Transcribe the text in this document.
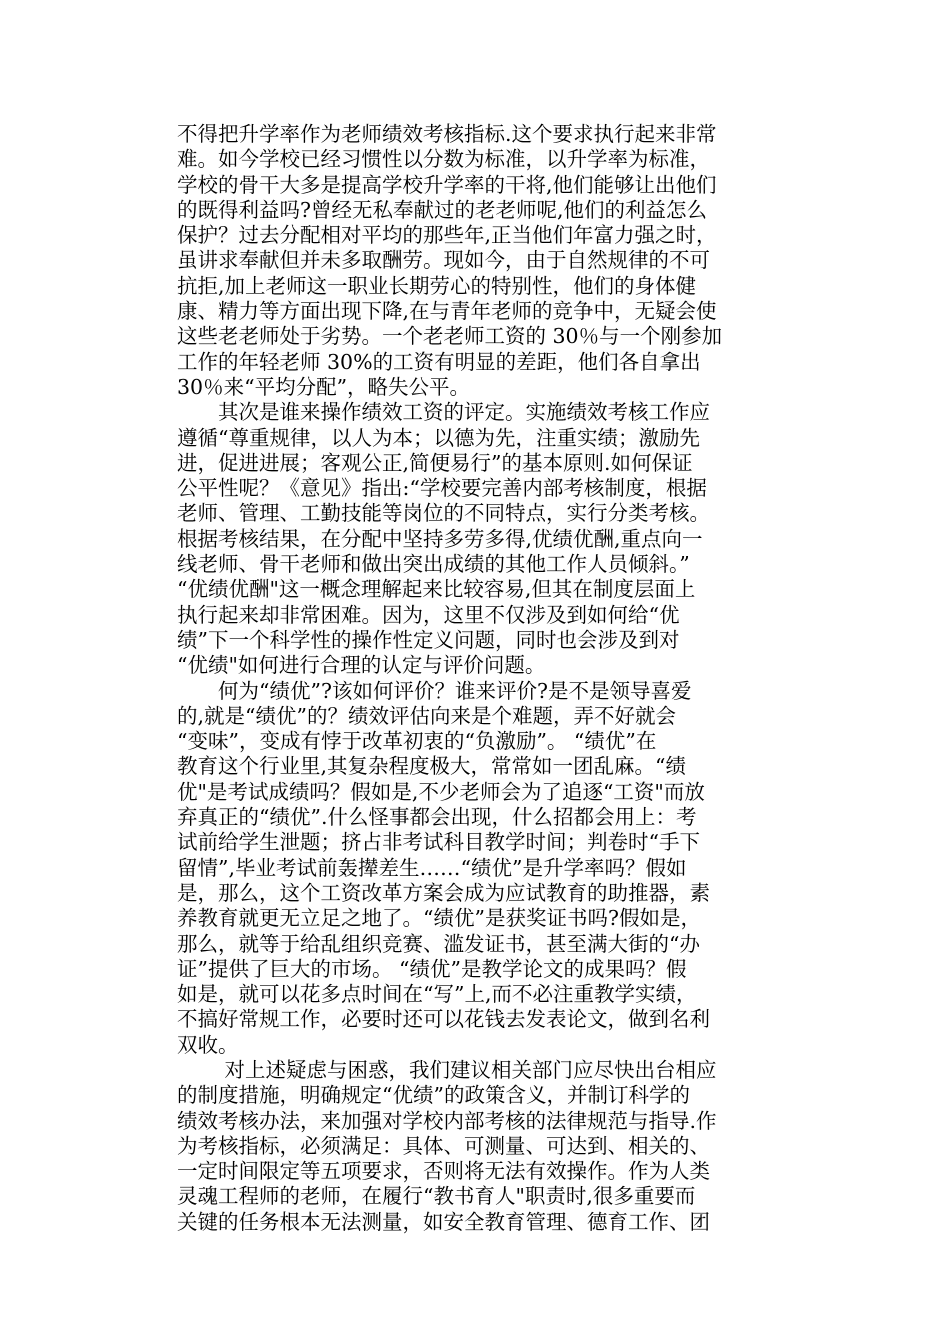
不得把升学率作为老师绩效考核指标.这个要求执行起来非常
难。如今学校已经习惯性以分数为标准，以升学率为标准，
学校的骨干大多是提高学校升学率的干将,他们能够让出他们
的既得利益吗?曾经无私奉献过的老老师呢,他们的利益怎么
保护？过去分配相对平均的那些年,正当他们年富力强之时，
虽讲求奉献但并未多取酬劳。现如今，由于自然规律的不可
抗拒,加上老师这一职业长期劳心的特别性，他们的身体健
康、精力等方面出现下降,在与青年老师的竞争中，无疑会使
这些老老师处于劣势。一个老老师工资的 30％与一个刚参加
工作的年轻老师 30%的工资有明显的差距，他们各自拿出
30％来“平均分配”，略失公平。
　　其次是谁来操作绩效工资的评定。实施绩效考核工作应
遵循“尊重规律，以人为本；以德为先，注重实绩；激励先
进，促进进展；客观公正,简便易行”的基本原则.如何保证
公平性呢？《意见》指出:“学校要完善内部考核制度，根据
老师、管理、工勤技能等岗位的不同特点，实行分类考核。
根据考核结果，在分配中坚持多劳多得,优绩优酬,重点向一
线老师、骨干老师和做出突出成绩的其他工作人员倾斜。”
“优绩优酬"这一概念理解起来比较容易,但其在制度层面上
执行起来却非常困难。因为，这里不仅涉及到如何给“优
绩”下一个科学性的操作性定义问题，同时也会涉及到对
“优绩"如何进行合理的认定与评价问题。
　　何为“绩优”?该如何评价？谁来评价?是不是领导喜爱
的,就是“绩优”的？绩效评估向来是个难题，弄不好就会
“变味”，变成有悖于改革初衷的“负激励”。 “绩优”在
教育这个行业里,其复杂程度极大，常常如一团乱麻。“绩
优"是考试成绩吗？假如是,不少老师会为了追逐“工资"而放
弃真正的“绩优”.什么怪事都会出现，什么招都会用上：考
试前给学生泄题；挤占非考试科目教学时间；判卷时“手下
留情”,毕业考试前轰撵差生……“绩优”是升学率吗？假如
是，那么，这个工资改革方案会成为应试教育的助推器，素
养教育就更无立足之地了。“绩优”是获奖证书吗?假如是，
那么，就等于给乱组织竞赛、滥发证书，甚至满大街的“办
证”提供了巨大的市场。 “绩优”是教学论文的成果吗？假
如是，就可以花多点时间在“写”上,而不必注重教学实绩，
不搞好常规工作，必要时还可以花钱去发表论文，做到名利
双收。
　　 对上述疑虑与困惑，我们建议相关部门应尽快出台相应
的制度措施，明确规定“优绩”的政策含义，并制订科学的
绩效考核办法，来加强对学校内部考核的法律规范与指导.作
为考核指标，必须满足：具体、可测量、可达到、相关的、
一定时间限定等五项要求，否则将无法有效操作。作为人类
灵魂工程师的老师，在履行“教书育人"职责时,很多重要而
关键的任务根本无法测量，如安全教育管理、德育工作、团
